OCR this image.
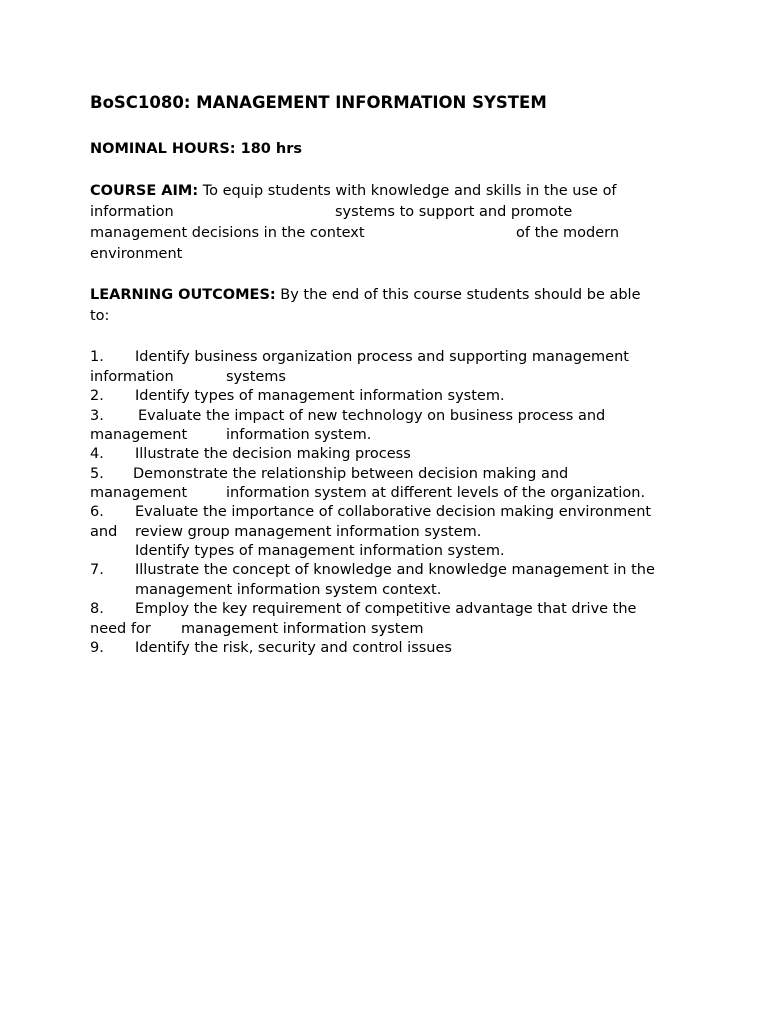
BoSC1080: MANAGEMENT INFORMATION SYSTEM
NOMINAL HOURS: 180 hrs
COURSE AIM: To equip students with knowledge and skills in the use of
information	systems to support and promote
management decisions in the context	of the modern
environment
LEARNING OUTCOMES: By the end of this course students should be able
to:
1. Identify business organization process and supporting management
information	systems
2. Identify types of management information system.
3. Evaluate the impact of new technology on business process and
management	information system.
4. Illustrate the decision making process
5. Demonstrate the relationship between decision making and
management	information system at different levels of the organization.
6. Evaluate the importance of collaborative decision making environment
and review group management information system.
Identify types of management information system.
7. Illustrate the concept of knowledge and knowledge management in the
management information system context.
8. Employ the key requirement of competitive advantage that drive the
need for management information system
9. Identify the risk, security and control issues
